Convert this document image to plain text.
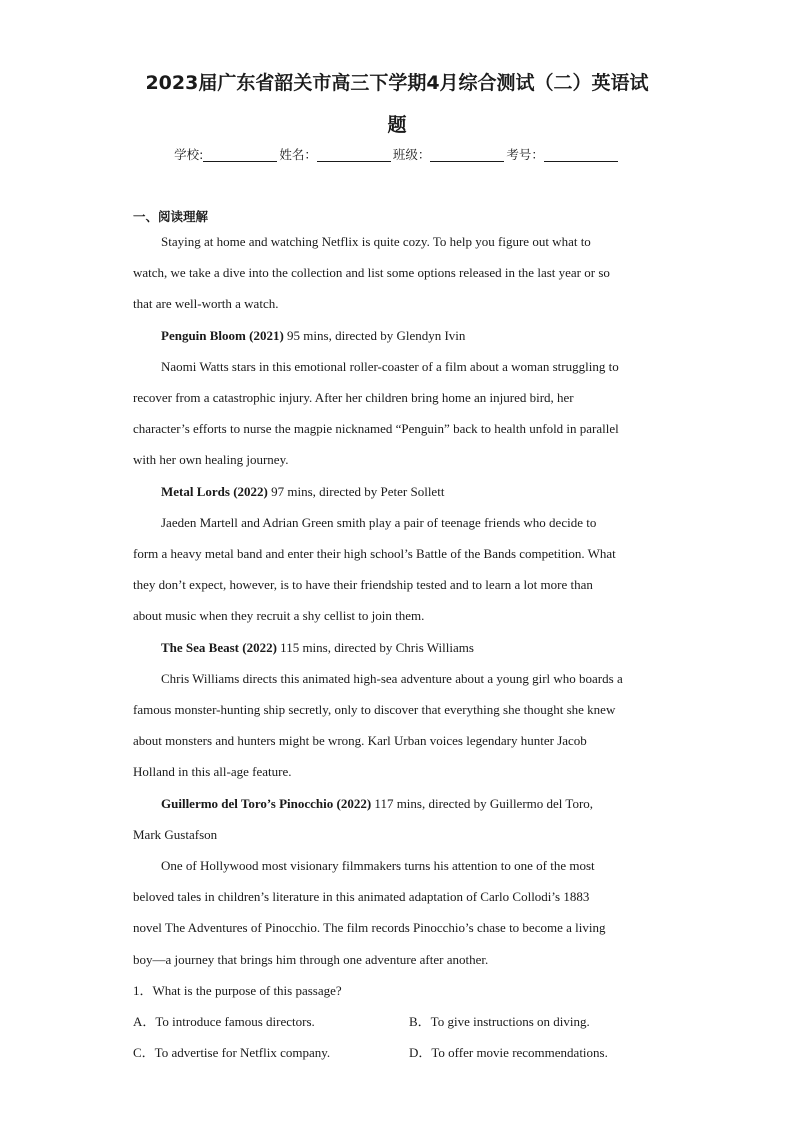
2023届广东省韶关市高三下学期4月综合测试（二）英语试
题
学校:	姓名：	班级：	考号：
一、阅读理解
Staying at home and watching Netflix is quite cozy. To help you figure out what to
watch, we take a dive into the collection and list some options released in the last year or so
that are well-worth a watch.
Penguin Bloom (2021) 95 mins, directed by Glendyn Ivin
Naomi Watts stars in this emotional roller-coaster of a film about a woman struggling to
recover from a catastrophic injury. After her children bring home an injured bird, her
character’s efforts to nurse the magpie nicknamed “Penguin” back to health unfold in parallel
with her own healing journey.
Metal Lords (2022) 97 mins, directed by Peter Sollett
Jaeden Martell and Adrian Green smith play a pair of teenage friends who decide to
form a heavy metal band and enter their high school’s Battle of the Bands competition. What
they don’t expect, however, is to have their friendship tested and to learn a lot more than
about music when they recruit a shy cellist to join them.
The Sea Beast (2022) 115 mins, directed by Chris Williams
Chris Williams directs this animated high-sea adventure about a young girl who boards a
famous monster-hunting ship secretly, only to discover that everything she thought she knew
about monsters and hunters might be wrong. Karl Urban voices legendary hunter Jacob
Holland in this all-age feature.
Guillermo del Toro’s Pinocchio (2022) 117 mins, directed by Guillermo del Toro,
Mark Gustafson
One of Hollywood most visionary filmmakers turns his attention to one of the most
beloved tales in children’s literature in this animated adaptation of Carlo Collodi’s 1883
novel The Adventures of Pinocchio. The film records Pinocchio’s chase to become a living
boy—a journey that brings him through one adventure after another.
1．What is the purpose of this passage?
A．To introduce famous directors.	B．To give instructions on diving.
C．To advertise for Netflix company.	D．To offer movie recommendations.
